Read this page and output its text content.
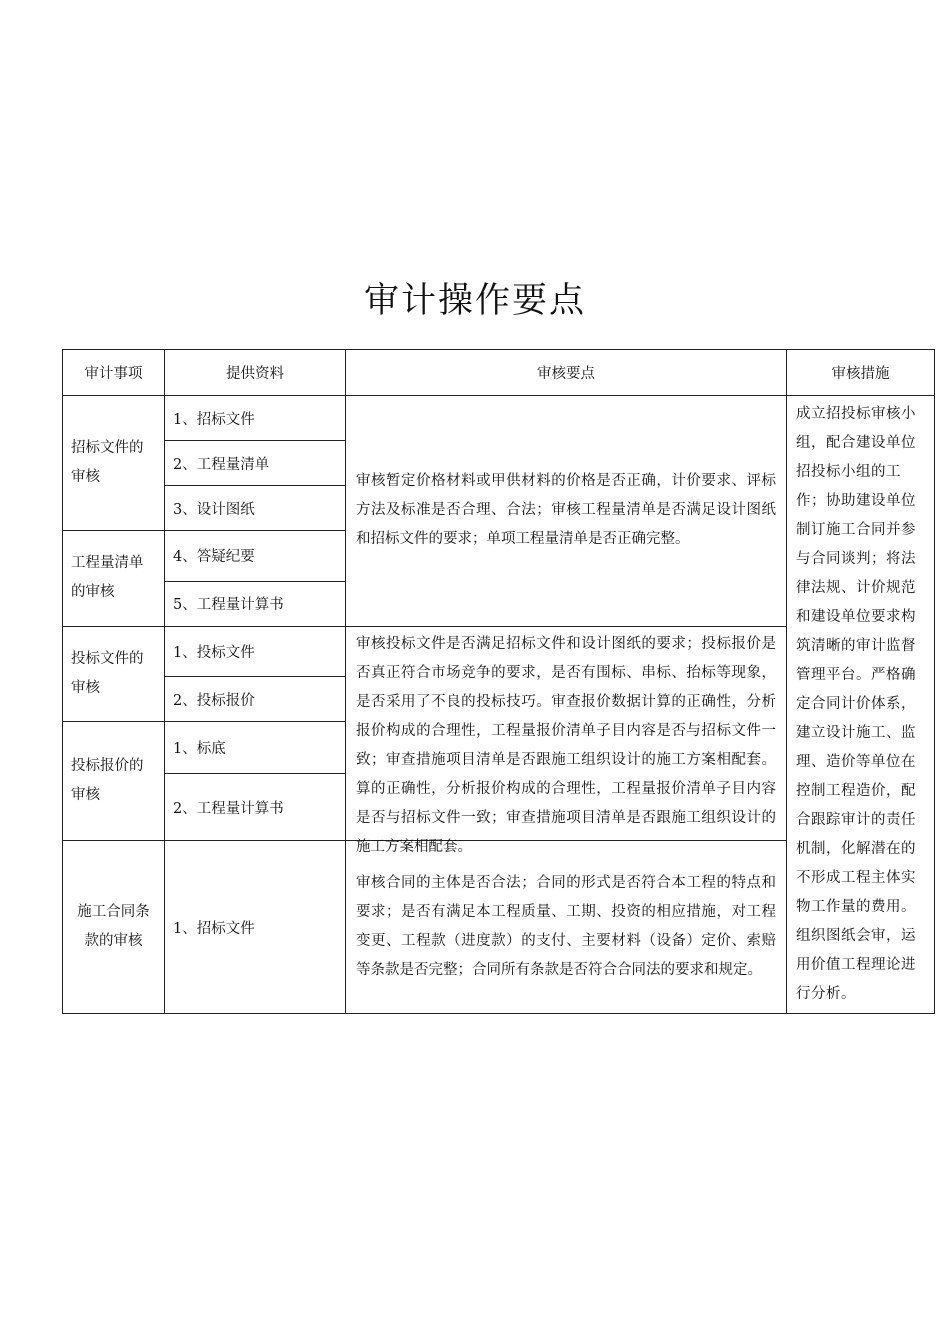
审计操作要点
审计事项	提供资料	审核要点	审核措施
招标文件的审核	1、招标文件	审核暂定价格材料或甲供材料的价格是否正确，计价要求、评标方法及标准是否合理、合法；审核工程量清单是否满足设计图纸和招标文件的要求；单项工程量清单是否正确完整。	成立招投标审核小组，配合建设单位招投标小组的工作；协助建设单位制订施工合同并参与合同谈判；将法律法规、计价规范和建设单位要求构筑清晰的审计监督管理平台。严格确定合同计价体系，建立设计施工、监理、造价等单位在控制工程造价，配合跟踪审计的责任机制，化解潜在的不形成工程主体实物工作量的费用。组织图纸会审，运用价值工程理论进行分析。
	2、工程量清单		
	3、设计图纸		
工程量清单的审核	4、答疑纪要		
	5、工程量计算书		
投标文件的审核	1、投标文件	审核投标文件是否满足招标文件和设计图纸的要求；投标报价是否真正符合市场竞争的要求，是否有围标、串标、抬标等现象，是否采用了不良的投标技巧。审查报价数据计算的正确性，分析报价构成的合理性，工程量报价清单子目内容是否与招标文件一致；审查措施项目清单是否跟施工组织设计的施工方案相配套。算的正确性，分析报价构成的合理性，工程量报价清单子目内容是否与招标文件一致；审查措施项目清单是否跟施工组织设计的施工方案相配套。	

	2、投标报价		
投标报价的审核	1、标底		
	2、工程量计算书		
施工合同条款的审核	1、招标文件	审核合同的主体是否合法；合同的形式是否符合本工程的特点和要求；是否有满足本工程质量、工期、投资的相应措施，对工程变更、工程款（进度款）的支付、主要材料（设备）定价、索赔等条款是否完整；合同所有条款是否符合合同法的要求和规定。	
